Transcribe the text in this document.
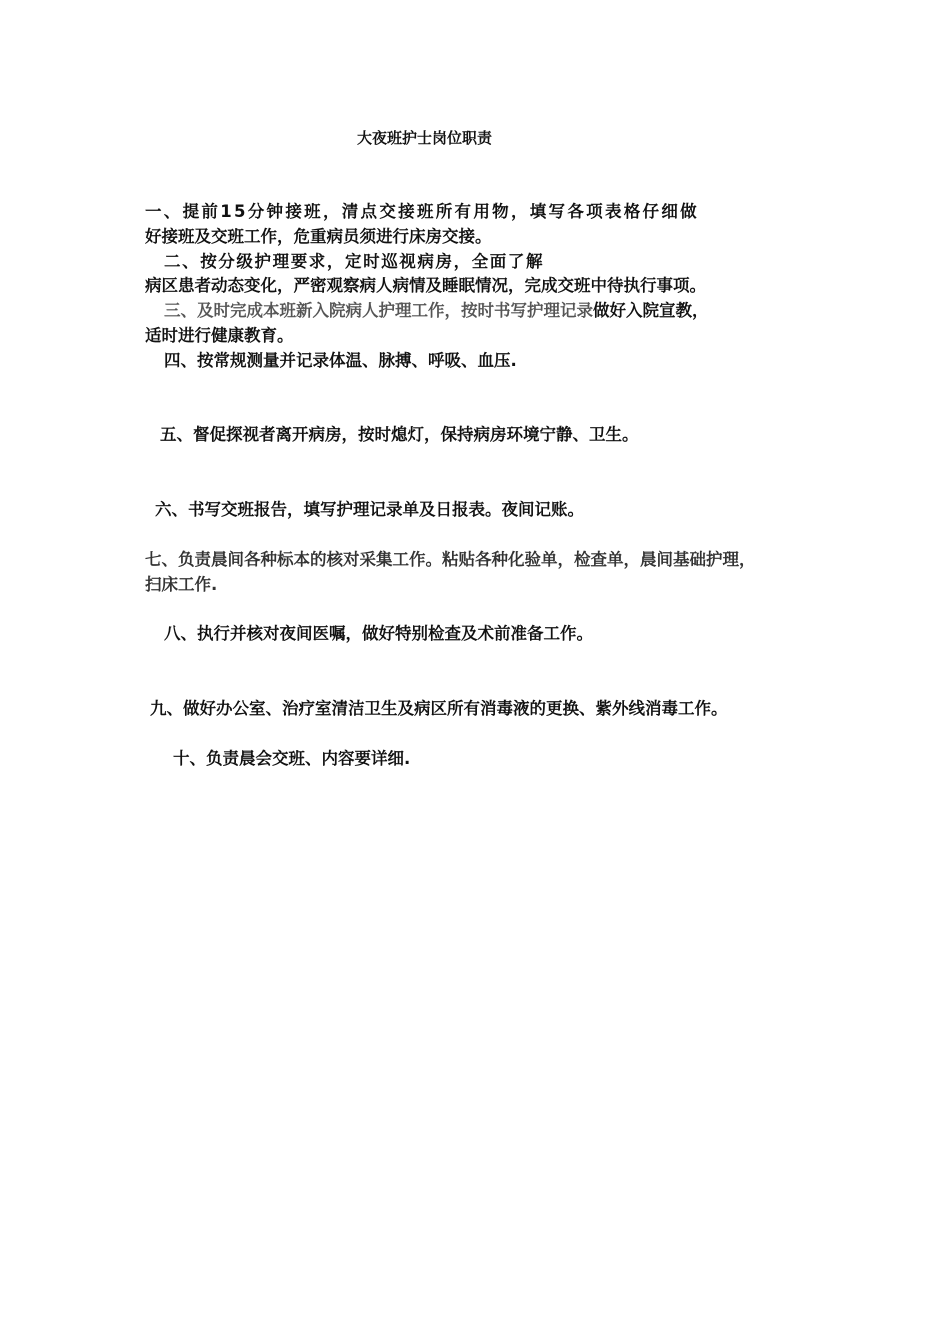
大夜班护士岗位职责
一、提前15分钟接班，清点交接班所有用物，填写各项表格仔细做
好接班及交班工作，危重病员须进行床房交接。
二、按分级护理要求，定时巡视病房，全面了解
病区患者动态变化，严密观察病人病情及睡眠情况，完成交班中待执行事项。
三、及时完成本班新入院病人护理工作，按时书写护理记录做好入院宣教，
适时进行健康教育。
四、按常规测量并记录体温、脉搏、呼吸、血压.
五、督促探视者离开病房，按时熄灯，保持病房环境宁静、卫生。
六、书写交班报告，填写护理记录单及日报表。夜间记账。
七、负责晨间各种标本的核对采集工作。粘贴各种化验单，检查单，晨间基础护理，
扫床工作.
八、执行并核对夜间医嘱，做好特别检查及术前准备工作。
九、做好办公室、治疗室清洁卫生及病区所有消毒液的更换、紫外线消毒工作。
十、负责晨会交班、内容要详细.
